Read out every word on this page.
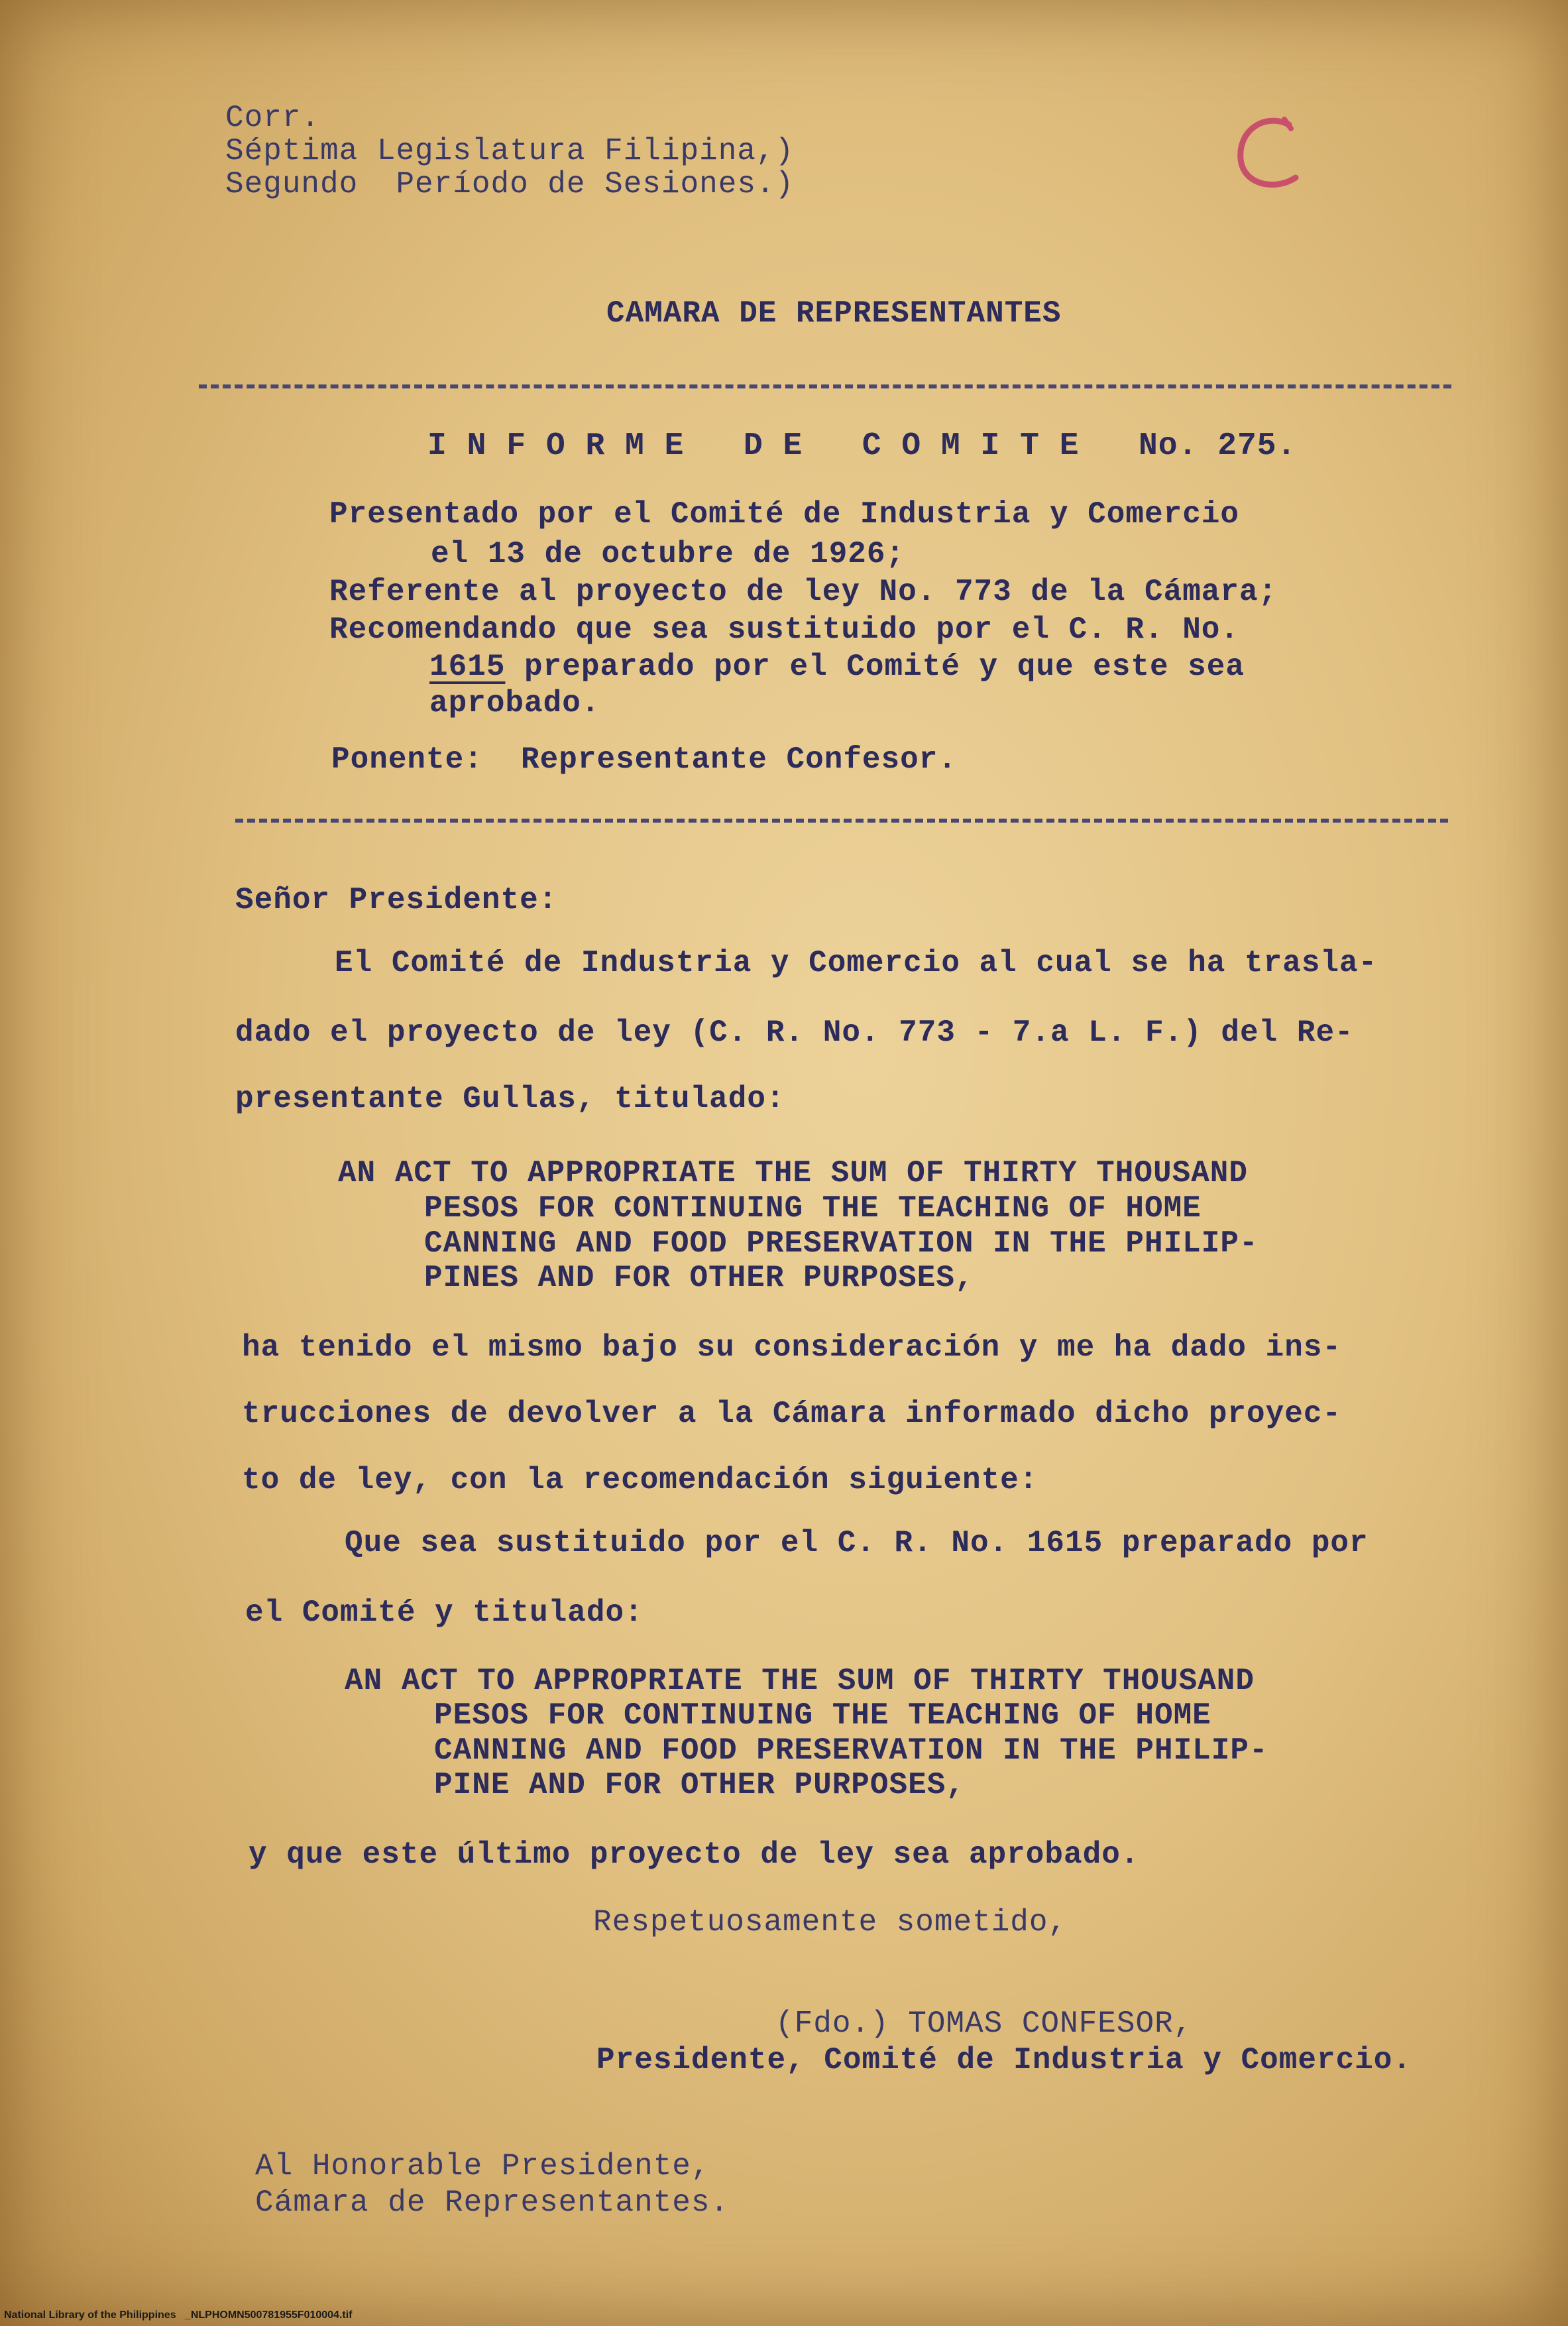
Corr.
Séptima Legislatura Filipina,)
Segundo  Período de Sesiones.)
CAMARA DE REPRESENTANTES
I N F O R M E   D E   C O M I T E   No. 275.
Presentado por el Comité de Industria y Comercio
el 13 de octubre de 1926;
Referente al proyecto de ley No. 773 de la Cámara;
Recomendando que sea sustituido por el C. R. No.
1615 preparado por el Comité y que este sea
aprobado.
Ponente:  Representante Confesor.
Señor Presidente:
El Comité de Industria y Comercio al cual se ha trasla-
dado el proyecto de ley (C. R. No. 773 - 7.a L. F.) del Re-
presentante Gullas, titulado:
AN ACT TO APPROPRIATE THE SUM OF THIRTY THOUSAND
PESOS FOR CONTINUING THE TEACHING OF HOME
CANNING AND FOOD PRESERVATION IN THE PHILIP-
PINES AND FOR OTHER PURPOSES,
ha tenido el mismo bajo su consideración y me ha dado ins-
trucciones de devolver a la Cámara informado dicho proyec-
to de ley, con la recomendación siguiente:
Que sea sustituido por el C. R. No. 1615 preparado por
el Comité y titulado:
AN ACT TO APPROPRIATE THE SUM OF THIRTY THOUSAND
PESOS FOR CONTINUING THE TEACHING OF HOME
CANNING AND FOOD PRESERVATION IN THE PHILIP-
PINE AND FOR OTHER PURPOSES,
y que este último proyecto de ley sea aprobado.
Respetuosamente sometido,
(Fdo.) TOMAS CONFESOR,
Presidente, Comité de Industria y Comercio.
Al Honorable Presidente,
Cámara de Representantes.
National Library of the Philippines   _NLPHOMN500781955F010004.tif
